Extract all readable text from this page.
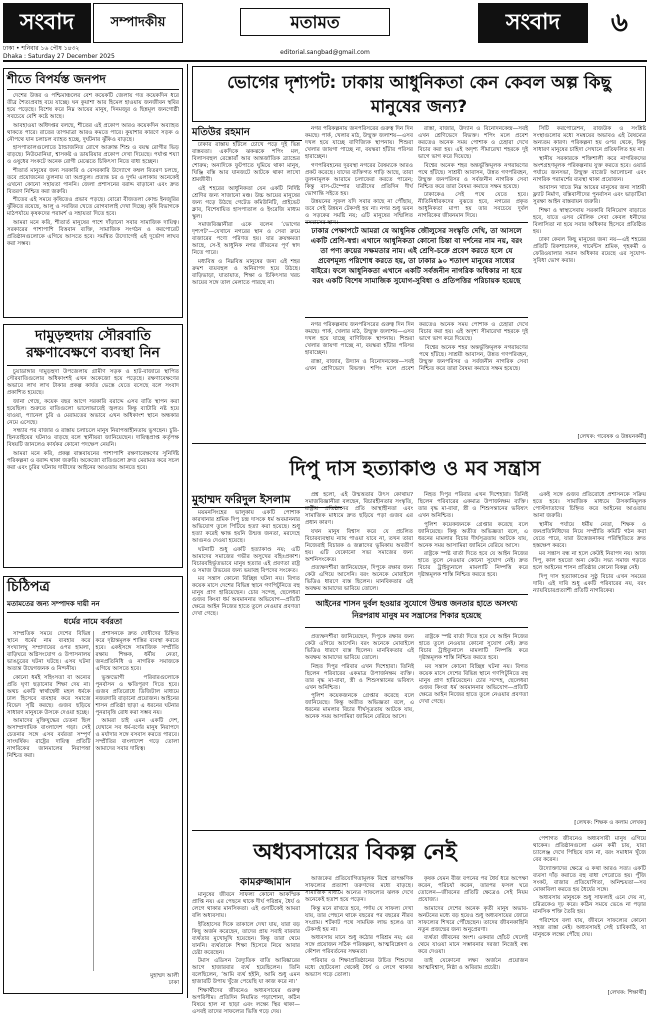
সংবাদ	সম্পাদকীয়
ঢাকা • শনিবার ১৬ পৌষ ১৪৩২
Dhaka : Saturday 27 December 2025
মতামত
editorial.sangbad@gmail.com
সংবাদ	৬
শীতে বিপর্যস্ত জনপদ

দেশের উত্তর ও পশ্চিমাঞ্চলের বেশ কয়েকটি জেলায় গত কয়েকদিন ধরে তীব্র শৈত্যপ্রবাহ বয়ে যাচ্ছে। ঘন কুয়াশা আর হিমেল হাওয়ায় জনজীবন স্থবির হয়ে পড়েছে। বিশেষ করে নিম্ন আয়ের মানুষ, দিনমজুর ও ছিন্নমূল জনগোষ্ঠী সবচেয়ে বেশি কষ্টে আছে।

আবহাওয়া অধিদপ্তর বলছে, শীতের এই প্রকোপ আরও কয়েকদিন অব্যাহত থাকতে পারে। রাতের তাপমাত্রা আরও কমতে পারে। কুয়াশার কারণে সড়ক ও নৌপথে যান চলাচল ব্যাহত হচ্ছে, দুর্ঘটনার ঝুঁকিও বাড়ছে।

হাসপাতালগুলোতে ঠান্ডাজনিত রোগে আক্রান্ত শিশু ও বয়স্ক রোগীর ভিড় বাড়ছে। নিউমোনিয়া, শ্বাসকষ্ট ও ডায়রিয়ার প্রকোপ দেখা দিয়েছে। পর্যাপ্ত শয্যা ও ওষুধের সংকটে অনেক রোগী মেঝেতে চিকিৎসা নিতে বাধ্য হচ্ছেন।

শীতার্ত মানুষের জন্য সরকারি ও বেসরকারি উদ্যোগে কম্বল বিতরণ চলছে, তবে প্রয়োজনের তুলনায় তা অপ্রতুল। প্রত্যন্ত চর ও দুর্গম এলাকায় অনেকেই এখনো কোনো সহায়তা পাননি। জেলা প্রশাসনের বরাদ্দ বাড়ানো এবং দ্রুত বিতরণ নিশ্চিত করা জরুরি।

শীতের এই সময়ে কৃষিতেও প্রভাব পড়ছে। বোরো বীজতলা কোল্ড ইনজুরির ঝুঁকিতে রয়েছে, আলু ও সবজির খেতে রোগবালাই দেখা দিচ্ছে। কৃষি বিভাগকে মাঠপর্যায়ে কৃষকদের পরামর্শ ও সহায়তা দিতে হবে।

আমরা মনে করি, শীতার্ত মানুষের পাশে দাঁড়ানো সবার সামাজিক দায়িত্ব। সরকারের পাশাপাশি বিত্তবান ব্যক্তি, সামাজিক সংগঠন ও করপোরেট প্রতিষ্ঠানগুলোকে এগিয়ে আসতে হবে। সমন্বিত উদ্যোগেই এই দুর্ভোগ লাঘব করা সম্ভব।

দামুড়হুদায় সৌরবাতি রক্ষণাবেক্ষণে ব্যবস্থা নিন

চুয়াডাঙ্গার দামুড়হুদা উপজেলায় গ্রামীণ সড়ক ও হাট-বাজারে স্থাপিত সৌরবাতিগুলোর অধিকাংশই এখন অকেজো হয়ে পড়েছে। রক্ষণাবেক্ষণের অভাবে লাখ লাখ টাকার প্রকল্প কার্যত ভেস্তে যেতে বসেছে বলে সংবাদ প্রকাশিত হয়েছে।

জানা গেছে, কয়েক বছর আগে সরকারি বরাদ্দে এসব বাতি স্থাপন করা হয়েছিল। শুরুতে বাতিগুলো ভালোভাবেই জ্বলত। কিন্তু ব্যাটারি নষ্ট হয়ে যাওয়া, প্যানেল চুরি ও মেরামতের অভাবে এখন অধিকাংশ স্থানে অন্ধকার নেমে এসেছে।

সন্ধ্যার পর বাজার ও রাস্তায় চলাচলে মানুষ নিরাপত্তাহীনতায় ভুগছেন। চুরি-ছিনতাইয়ের ঘটনাও বাড়ছে বলে স্থানীয়রা জানিয়েছেন। দায়িত্বপ্রাপ্ত কর্তৃপক্ষ বিষয়টি জানলেও কার্যকর কোনো পদক্ষেপ নেয়নি।

আমরা মনে করি, প্রকল্প বাস্তবায়নের পাশাপাশি রক্ষণাবেক্ষণের সুনির্দিষ্ট পরিকল্পনা ও বরাদ্দ থাকা জরুরি। অকেজো বাতিগুলো দ্রুত মেরামত করে সচল করা এবং চুরির ঘটনায় দায়ীদের আইনের আওতায় আনতে হবে।

চিঠিপত্র
মতামতের জন্য সম্পাদক দায়ী নন
ধর্মের নামে বর্বরতা

সাম্প্রতিক সময়ে দেশের বিভিন্ন স্থানে ধর্মের নাম ব্যবহার করে সংখ্যালঘু সম্প্রদায়ের ওপর হামলা, বাড়িঘরে অগ্নিসংযোগ ও উপাসনালয় ভাঙচুরের ঘটনা ঘটছে। এসব ঘটনা অত্যন্ত উদ্বেগজনক ও নিন্দনীয়।

কোনো ধর্মই সহিংসতা বা অন্যের প্রতি ঘৃণা ছড়ানোর শিক্ষা দেয় না। অথচ একটি স্বার্থান্বেষী মহল ধর্মকে ঢাল হিসেবে ব্যবহার করে সমাজে বিভেদ সৃষ্টি করছে। গুজব ছড়িয়ে সাধারণ মানুষকে উসকে দেওয়া হচ্ছে।

আমাদের মুক্তিযুদ্ধের চেতনা ছিল অসাম্প্রদায়িক বাংলাদেশ গড়া। সেই চেতনার সঙ্গে এসব বর্বরতা সম্পূর্ণ সাংঘর্ষিক। রাষ্ট্রের দায়িত্ব প্রতিটি নাগরিকের জানমালের নিরাপত্তা নিশ্চিত করা।

প্রশাসনকে দ্রুত দোষীদের চিহ্নিত করে দৃষ্টান্তমূলক শাস্তির ব্যবস্থা করতে হবে। একইসঙ্গে সামাজিক সম্প্রীতি রক্ষায় শিক্ষক, ধর্মীয় নেতা, জনপ্রতিনিধি ও নাগরিক সমাজকে এগিয়ে আসতে হবে।

ভুক্তভোগী পরিবারগুলোকে পুনর্বাসন ও ক্ষতিপূরণ দিতে হবে। গুজব প্রতিরোধে ডিজিটাল মাধ্যমে নজরদারি বাড়ানো প্রয়োজন। আইনের শাসন প্রতিষ্ঠা ছাড়া এ ধরনের ঘটনার পুনরাবৃত্তি রোধ করা সম্ভব নয়।

আমরা চাই এমন একটি দেশ, যেখানে সব ধর্ম-বর্ণের মানুষ নিরাপদে ও মর্যাদার সঙ্গে বসবাস করতে পারবে। সম্প্রীতির বাংলাদেশ গড়ে তোলা আমাদের সবার দায়িত্ব।

মুহাম্মদ আলী
ঢাকা
ভোগের দৃশ্যপট: ঢাকায় আধুনিকতা কেন কেবল অল্প কিছু মানুষের জন্য?
মতিউর রহমান

ঢাকার রাস্তায় হাঁটলে চোখে পড়ে দুই ভিন্ন বাস্তবতা। একদিকে ঝকঝকে শপিং মল, বিলাসবহুল রেস্তোরাঁ আর আন্তর্জাতিক ব্র্যান্ডের শোরুম; অন্যদিকে ফুটপাতে ঘুমিয়ে থাকা মানুষ, ঘিঞ্জি বস্তি আর যানজটে আটকে থাকা লাখো শ্রমজীবী।

এই শহরের আধুনিকতা যেন একটি নির্দিষ্ট শ্রেণির জন্য সাজানো মঞ্চ। উচ্চ আয়ের মানুষের জন্য গড়ে উঠছে গেটেড কমিউনিটি, প্রাইভেট ক্লাব, বিশেষায়িত হাসপাতাল ও ইংরেজি মাধ্যম স্কুল।

সমাজবিজ্ঞানীরা একে বলেন ‘ভোগের দৃশ্যপট’—যেখানে নগরের স্থান ও সেবা ক্রমে বাজারের পণ্যে পরিণত হয়। যার ক্রয়ক্ষমতা আছে, সে-ই আধুনিক নগর জীবনের পূর্ণ স্বাদ নিতে পারে।

মধ্যবিত্ত ও নিম্নবিত্ত মানুষের জন্য এই শহর ক্রমশ ব্যয়বহুল ও অনিরাপদ হয়ে উঠছে। বাড়িভাড়া, যাতায়াত, শিক্ষা ও চিকিৎসার খরচ আয়ের সঙ্গে তাল মেলাতে পারছে না।

নগর পরিকল্পনায় জনপরিসরের গুরুত্ব দিন দিন কমছে। পার্ক, খেলার মাঠ, উন্মুক্ত জলাশয়—এসব দখল হয়ে যাচ্ছে বাণিজ্যিক স্থাপনায়। শিশুরা খেলার জায়গা পাচ্ছে না, বয়স্করা হাঁটার পরিসর হারাচ্ছেন।

গণপরিবহনের দুরবস্থা নগরের বৈষম্যকে আরও প্রকট করেছে। যাদের ব্যক্তিগত গাড়ি আছে, তারা তুলনামূলক আরামে চলাফেরা করতে পারেন; কিন্তু বাস-টেম্পোর যাত্রীদের প্রতিদিন দীর্ঘ ভোগান্তি সইতে হয়।

উন্নয়নের সুফল যদি সবার কাছে না পৌঁছায়, তবে সেই উন্নয়ন টেকসই হয় না। নগর শুধু ভবন ও সড়কের সমষ্টি নয়; এটি মানুষের সম্মিলিত বসবাসের স্থান।

রাস্তা, বাজার, উদ্যান ও বিনোদনকেন্দ্র—সবই এখন শ্রেণিভেদে বিভক্ত। শপিং মলে প্রবেশ করতেও অনেক সময় পোশাক ও চেহারা দেখে বিচার করা হয়। এই অদৃশ্য সীমারেখা শহরকে দুই ভাগে ভাগ করে দিয়েছে।

বিশ্বের অনেক শহর অন্তর্ভুক্তিমূলক নগরায়ণের পথে হাঁটছে। সাশ্রয়ী আবাসন, উন্নত গণপরিবহন, উন্মুক্ত জনপরিসর ও সর্বজনীন নাগরিক সেবা নিশ্চিত করে তারা বৈষম্য কমাতে সক্ষম হয়েছে।

ঢাকাকেও সেই পথে যেতে হবে। নীতিনির্ধারকদের বুঝতে হবে, নগরের প্রকৃত আধুনিকতা মাপা হয় তার সবচেয়ে দুর্বল নাগরিকের জীবনমান দিয়ে।

সিটি করপোরেশন, রাজউক ও সংশ্লিষ্ট সংস্থাগুলোর মধ্যে সমন্বয়ের অভাবও এই বৈষম্যের অন্যতম কারণ। পরিকল্পনা হয় ওপর থেকে, কিন্তু সাধারণ মানুষের চাহিদা সেখানে প্রতিফলিত হয় না।

স্থানীয় সরকারকে শক্তিশালী করে নাগরিকদের অংশগ্রহণমূলক পরিকল্পনায় যুক্ত করতে হবে। ওয়ার্ড পর্যায়ে জনসভা, উন্মুক্ত বাজেট আলোচনা এবং নাগরিক পরামর্শের ব্যবস্থা থাকা প্রয়োজন।

আবাসন খাতে নিম্ন আয়ের মানুষের জন্য সাশ্রয়ী ফ্ল্যাট নির্মাণ, বস্তিবাসীদের পুনর্বাসন এবং ভাড়াটিয়া সুরক্ষা আইন বাস্তবায়ন জরুরি।

শিক্ষা ও স্বাস্থ্যসেবায় সরকারি বিনিয়োগ বাড়াতে হবে, যাতে এসব মৌলিক সেবা কেবল ধনীদের বিলাসিতা না হয়ে সবার অধিকার হিসেবে প্রতিষ্ঠিত হয়।

ঢাকা কেবল কিছু মানুষের জন্য নয়—এই শহরের প্রতিটি রিকশাচালক, গার্মেন্টস শ্রমিক, গৃহকর্মী ও ফেরিওয়ালার সমান অধিকার রয়েছে এর সুযোগ-সুবিধা ভোগ করার।

ঢাকার পেক্ষাপটে আমরা যে আধুনিক জৌলুসের সংস্কৃতি দেখি, তা আসলে একটি শ্রেণি-স্বপ্ন। এখানে আধুনিকতা কোনো চিন্তা বা দর্শনের নাম নয়, বরং তা পণ্য ক্রয়ের সক্ষমতার নাম। এই শ্রেণি-চক্রে প্রবেশ করতে হলে যে প্রবেশমূল্য পরিশোধ করতে হয়, তা ঢাকার ৯০ শতাংশ মানুষের সাধ্যের বাইরে। ফলে আধুনিকতা এখানে একটি সর্বজনীন নাগরিক অধিকার না হয়ে বরং একটি বিশেষ সামাজিক সুযোগ-সুবিধা ও প্রতিপত্তির পরিচায়ক হয়েছে

নগর পরিকল্পনায় জনপরিসরের গুরুত্ব দিন দিন কমছে। পার্ক, খেলার মাঠ, উন্মুক্ত জলাশয়—এসব দখল হয়ে যাচ্ছে বাণিজ্যিক স্থাপনায়। শিশুরা খেলার জায়গা পাচ্ছে না, বয়স্করা হাঁটার পরিসর হারাচ্ছেন।

রাস্তা, বাজার, উদ্যান ও বিনোদনকেন্দ্র—সবই এখন শ্রেণিভেদে বিভক্ত। শপিং মলে প্রবেশ করতেও অনেক সময় পোশাক ও চেহারা দেখে বিচার করা হয়। এই অদৃশ্য সীমারেখা শহরকে দুই ভাগে ভাগ করে দিয়েছে।

বিশ্বের অনেক শহর অন্তর্ভুক্তিমূলক নগরায়ণের পথে হাঁটছে। সাশ্রয়ী আবাসন, উন্নত গণপরিবহন, উন্মুক্ত জনপরিসর ও সর্বজনীন নাগরিক সেবা নিশ্চিত করে তারা বৈষম্য কমাতে সক্ষম হয়েছে।

[লেখক: গবেষক ও উন্নয়নকর্মী]
দিপু দাস হত্যাকাণ্ড ও মব সন্ত্রাস
মুহাম্মদ ফরিদুল ইসলাম

ময়মনসিংহের ভালুকায় একটি পোশাক কারখানার শ্রমিক দিপু চন্দ্র দাসকে ধর্ম অবমাননার অভিযোগ তুলে পিটিয়ে হত্যা করা হয়েছে। শুধু হত্যা করেই ক্ষান্ত হয়নি উন্মত্ত জনতা, মরদেহে আগুনও দেওয়া হয়েছে।

ঘটনাটি শুধু একটি হত্যাকাণ্ড নয়; এটি আমাদের সমাজের গভীর অসুখের বহিঃপ্রকাশ। বিচারবহির্ভূতভাবে মানুষ হত্যার এই প্রবণতা রাষ্ট্র ও সমাজ উভয়ের জন্য ভয়াবহ বিপদের সংকেত।

মব সন্ত্রাস কোনো বিচ্ছিন্ন ঘটনা নয়। বিগত কয়েক মাসে দেশের বিভিন্ন স্থানে গণপিটুনিতে বহু মানুষ প্রাণ হারিয়েছেন। চোর সন্দেহ, ছেলেধরা গুজব কিংবা ধর্ম অবমাননার অভিযোগ—প্রতিটি ক্ষেত্রে আইন নিজের হাতে তুলে নেওয়ার প্রবণতা দেখা গেছে।

প্রশ্ন হলো, এই উন্মত্ততার উৎস কোথায়? সমাজবিজ্ঞানীরা বলছেন, বিচারহীনতার সংস্কৃতি, রাষ্ট্রীয় প্রতিষ্ঠানের প্রতি আস্থাহীনতা এবং সামাজিক মাধ্যমে দ্রুত ছড়িয়ে পড়া গুজব এর প্রধান কারণ।

যখন মানুষ বিশ্বাস করে যে প্রচলিত বিচারব্যবস্থায় ন্যায় পাওয়া যাবে না, তখন তারা নিজেরাই বিচারক ও জল্লাদের ভূমিকায় অবতীর্ণ হয়। এটি যেকোনো সভ্য সমাজের জন্য অশনিসংকেত।

প্রত্যক্ষদর্শীরা জানিয়েছেন, দিপুকে রক্ষার জন্য কেউ এগিয়ে আসেনি। বরং অনেকে মোবাইলে ভিডিও ধারণে ব্যস্ত ছিলেন। মানবিকতার এই অবক্ষয় আমাদের ভাবিয়ে তোলে।

নিহত দিপুর পরিবার এখন দিশেহারা। তিনিই ছিলেন পরিবারের একমাত্র উপার্জনক্ষম ব্যক্তি। তার বৃদ্ধ মা-বাবা, স্ত্রী ও শিশুসন্তানের ভবিষ্যৎ এখন অনিশ্চিত।

পুলিশ কয়েকজনকে গ্রেপ্তার করেছে বলে জানিয়েছে। কিন্তু অতীত অভিজ্ঞতা বলে, এ ধরনের মামলার বিচার দীর্ঘসূত্রতায় আটকে যায়, অনেক সময় আসামিরা জামিনে বেরিয়ে আসে।

রাষ্ট্রকে স্পষ্ট বার্তা দিতে হবে যে আইন নিজের হাতে তুলে নেওয়ার কোনো সুযোগ নেই। দ্রুত বিচার ট্রাইব্যুনালে মামলাটি নিষ্পত্তি করে দৃষ্টান্তমূলক শাস্তি নিশ্চিত করতে হবে।

একই সঙ্গে গুজব প্রতিরোধে প্রশাসনকে সক্রিয় হতে হবে। সামাজিক মাধ্যমে উসকানিমূলক পোস্টদাতাদের চিহ্নিত করে আইনের আওতায় আনা জরুরি।

স্থানীয় পর্যায়ে ধর্মীয় নেতা, শিক্ষক ও জনপ্রতিনিধিদের নিয়ে সম্প্রীতি কমিটি গঠন করা যেতে পারে, যারা উত্তেজনাকর পরিস্থিতিতে দ্রুত হস্তক্ষেপ করবে।

মব সন্ত্রাস বন্ধ না হলে কেউই নিরাপদ নয়। আজ দিপু, কাল হয়তো অন্য কেউ। সভ্য সমাজ গড়তে হলে আইনের শাসন প্রতিষ্ঠার কোনো বিকল্প নেই।

দিপু দাস হত্যাকাণ্ডের সুষ্ঠু বিচার এখন সময়ের দাবি। এই দাবি শুধু একটি পরিবারের নয়, বরং ন্যায়বিচারপ্রত্যাশী প্রতিটি নাগরিকের।

আইনের শাসন দুর্বল হওয়ার সুযোগে উন্মত্ত জনতার হাতে অসংখ্য নিরপরাধ মানুষ মব সন্ত্রাসের শিকার হয়েছে

প্রত্যক্ষদর্শীরা জানিয়েছেন, দিপুকে রক্ষার জন্য কেউ এগিয়ে আসেনি। বরং অনেকে মোবাইলে ভিডিও ধারণে ব্যস্ত ছিলেন। মানবিকতার এই অবক্ষয় আমাদের ভাবিয়ে তোলে।

নিহত দিপুর পরিবার এখন দিশেহারা। তিনিই ছিলেন পরিবারের একমাত্র উপার্জনক্ষম ব্যক্তি। তার বৃদ্ধ মা-বাবা, স্ত্রী ও শিশুসন্তানের ভবিষ্যৎ এখন অনিশ্চিত।

পুলিশ কয়েকজনকে গ্রেপ্তার করেছে বলে জানিয়েছে। কিন্তু অতীত অভিজ্ঞতা বলে, এ ধরনের মামলার বিচার দীর্ঘসূত্রতায় আটকে যায়, অনেক সময় আসামিরা জামিনে বেরিয়ে আসে।

রাষ্ট্রকে স্পষ্ট বার্তা দিতে হবে যে আইন নিজের হাতে তুলে নেওয়ার কোনো সুযোগ নেই। দ্রুত বিচার ট্রাইব্যুনালে মামলাটি নিষ্পত্তি করে দৃষ্টান্তমূলক শাস্তি নিশ্চিত করতে হবে।

মব সন্ত্রাস কোনো বিচ্ছিন্ন ঘটনা নয়। বিগত কয়েক মাসে দেশের বিভিন্ন স্থানে গণপিটুনিতে বহু মানুষ প্রাণ হারিয়েছেন। চোর সন্দেহ, ছেলেধরা গুজব কিংবা ধর্ম অবমাননার অভিযোগ—প্রতিটি ক্ষেত্রে আইন নিজের হাতে তুলে নেওয়ার প্রবণতা দেখা গেছে।

[লেখক: শিক্ষক ও কলাম লেখক]
অধ্যবসায়ের বিকল্প নেই
কামরুজ্জামান

মানুষের জীবনে সাফল্য কোনো আকস্মিক প্রাপ্তি নয়। এর পেছনে থাকে দীর্ঘ পরিশ্রম, ধৈর্য ও লেগে থাকার মানসিকতা। এই গুণটিকেই আমরা বলি অধ্যবসায়।

ইতিহাসের দিকে তাকালে দেখা যায়, যারা বড় কিছু অর্জন করেছেন, তাদের প্রায় সবাই বারবার ব্যর্থতার মুখোমুখি হয়েছেন। কিন্তু তারা থেমে যাননি। ব্যর্থতাকে শিক্ষা হিসেবে নিয়ে আবার চেষ্টা করেছেন।

টমাস এডিসন বৈদ্যুতিক বাতি আবিষ্কারের আগে হাজারবার ব্যর্থ হয়েছিলেন। তিনি বলেছিলেন, ‘আমি ব্যর্থ হইনি, আমি শুধু এমন হাজারটি উপায় খুঁজে পেয়েছি যা কাজ করে না।’

শিক্ষার্থীদের জীবনেও অধ্যবসায়ের গুরুত্ব অপরিসীম। প্রতিদিন নিয়মিত পড়াশোনা, কঠিন বিষয়ে হাল না ছাড়া এবং লক্ষ্যে স্থির থাকা—এসবই তাদের সাফল্যের ভিত্তি গড়ে দেয়।

আজকের প্রতিযোগিতামূলক বিশ্বে তাৎক্ষণিক সাফল্যের প্রত্যাশা তরুণদের মধ্যে বাড়ছে। সামাজিক মাধ্যমে অন্যের সাফল্যের ঝলক দেখে অনেকেই হতাশ হয়ে পড়েন।

কিন্তু মনে রাখতে হবে, পর্দায় যে সাফল্য দেখা যায়, তার পেছনে থাকে বছরের পর বছরের নীরব সংগ্রাম। শর্টকাট পথে সাময়িক লাভ হলেও তা টেকসই হয় না।

অধ্যবসায় মানে শুধু কঠোর পরিশ্রম নয়; এর সঙ্গে প্রয়োজন সঠিক পরিকল্পনা, আত্মবিশ্লেষণ ও কৌশল পরিবর্তনের সক্ষমতা।

পরিবার ও শিক্ষাপ্রতিষ্ঠানের উচিত শিশুদের মধ্যে ছোটবেলা থেকেই ধৈর্য ও লেগে থাকার অভ্যাস গড়ে তোলা।

কৃষক যেমন বীজ বপনের পর ধৈর্য ধরে অপেক্ষা করেন, পরিচর্যা করেন, তারপর ফসল ঘরে তোলেন—জীবনের প্রতিটি ক্ষেত্রেও সেই নিয়ম প্রযোজ্য।

আমাদের দেশের অনেক কৃতী মানুষ অভাব-অনটনের মধ্যে বড় হয়েও শুধু অধ্যবসায়ের জোরে সাফল্যের শিখরে পৌঁছেছেন। তাদের জীবনকাহিনি নতুন প্রজন্মের জন্য অনুপ্রেরণা।

ব্যর্থতা জীবনের অংশ। একবার হোঁচট খেলেই থেমে যাওয়া মানে সম্ভাবনার দরজা নিজেই বন্ধ করে দেওয়া।

তাই যেকোনো লক্ষ্য অর্জনে প্রয়োজন আত্মবিশ্বাস, নিষ্ঠা ও অবিরাম প্রচেষ্টা।

পেশাগত জীবনেও অধ্যবসায়ী মানুষ এগিয়ে থাকেন। প্রতিষ্ঠানগুলো এমন কর্মী চায়, যারা চ্যালেঞ্জ দেখে পিছিয়ে যান না, বরং সমাধান খুঁজে বের করেন।

উদ্যোক্তাদের ক্ষেত্রে এ কথা আরও সত্য। একটি ব্যবসা দাঁড় করাতে বহু বাধা পেরোতে হয়। পুঁজি সংকট, বাজার প্রতিযোগিতা, অনিশ্চয়তা—সব মোকাবিলা করতে হয় ধৈর্যের সঙ্গে।

অধ্যবসায় মানুষকে শুধু সাফল্যই এনে দেয় না, চরিত্রকেও দৃঢ় করে। কঠিন সময়ে ভেঙে না পড়ার মানসিক শক্তি তৈরি হয়।

পরিশেষে বলা যায়, জীবনে সাফল্যের কোনো সহজ রাস্তা নেই। অধ্যবসায়ই সেই চাবিকাঠি, যা মানুষকে লক্ষ্যে পৌঁছে দেয়।

[লেখক: শিক্ষার্থী]
